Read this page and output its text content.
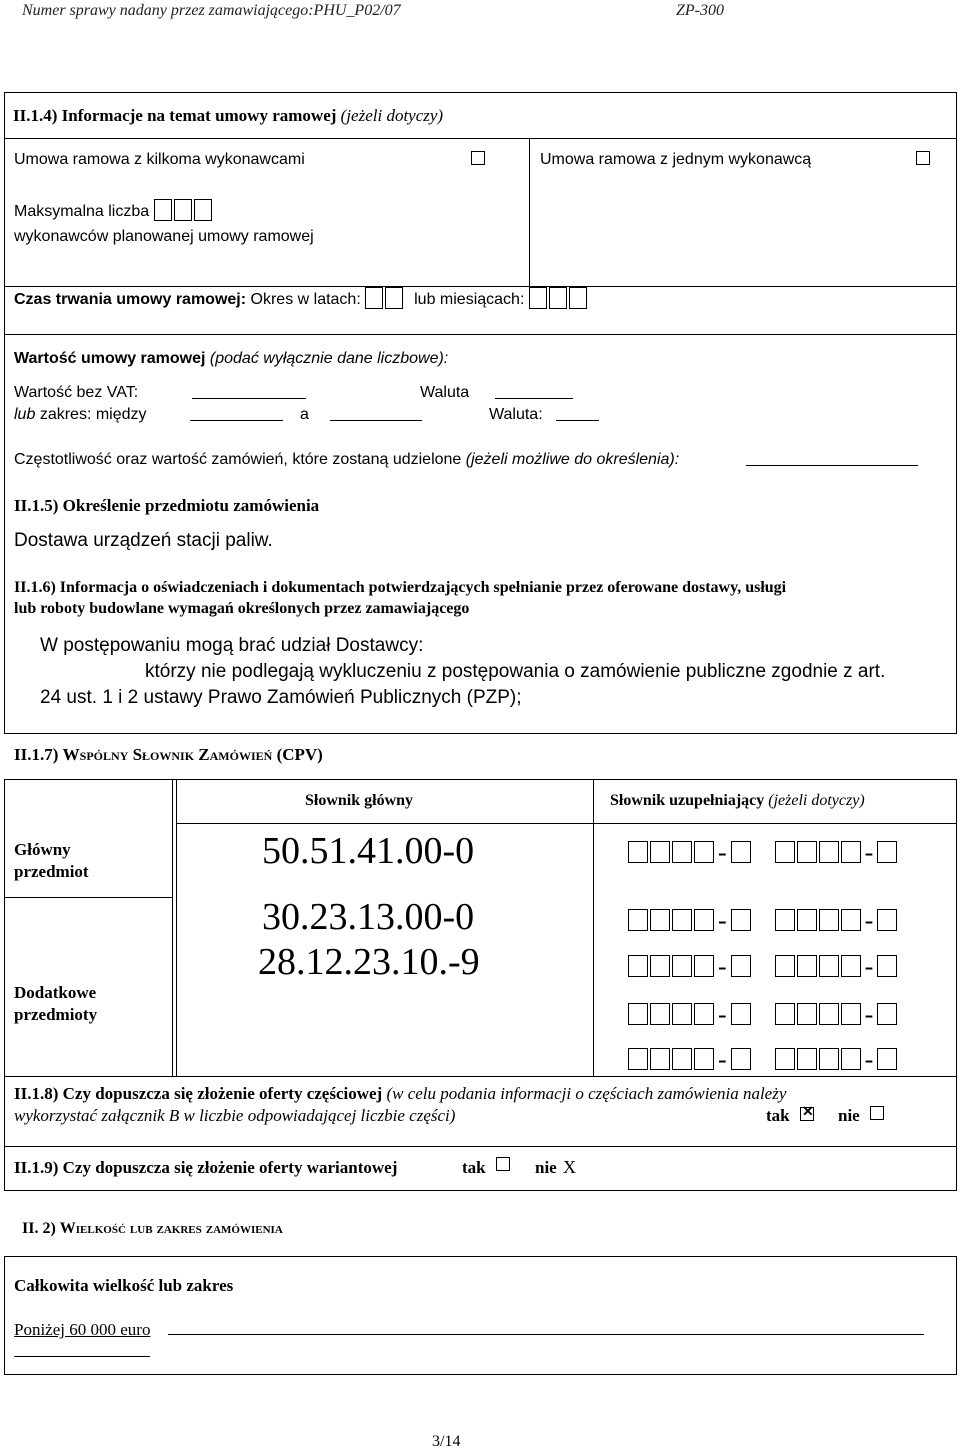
Numer sprawy nadany przez zamawiającego:PHU_P02/07	ZP-300
II.1.4) Informacje na temat umowy ramowej (jeżeli dotyczy)
Umowa ramowa z kilkoma wykonawcami	Umowa ramowa z jednym wykonawcą
Maksymalna liczba
wykonawców planowanej umowy ramowej
Czas trwania umowy ramowej: Okres w latach:	lub miesiącach:
Wartość umowy ramowej (podać wyłącznie dane liczbowe):
Wartość bez VAT:	Waluta
lub zakres: między	a	Waluta:
Częstotliwość oraz wartość zamówień, które zostaną udzielone (jeżeli możliwe do określenia):
II.1.5) Określenie przedmiotu zamówienia
Dostawa urządzeń stacji paliw.
II.1.6) Informacja o oświadczeniach i dokumentach potwierdzających spełnianie przez oferowane dostawy, usługi
lub roboty budowlane wymagań określonych przez zamawiającego
W postępowaniu mogą brać udział Dostawcy:
którzy nie podlegają wykluczeniu z postępowania o zamówienie publiczne zgodnie z art.
24 ust. 1 i 2 ustawy Prawo Zamówień Publicznych (PZP);
II.1.7) Wspólny Słownik Zamówień (CPV)
Słownik główny	Słownik uzupełniający (jeżeli dotyczy)
Główny
przedmiot
Dodatkowe
przedmioty
50.51.41.00-0
30.23.13.00-0
28.12.23.10.-9
-	-
-	-
-	-
-	-
-	-
II.1.8) Czy dopuszcza się złożenie oferty częściowej (w celu podania informacji o częściach zamówienia należy
wykorzystać załącznik B w liczbie odpowiadającej liczbie części)	tak
✕	nie
II.1.9) Czy dopuszcza się złożenie oferty wariantowej	tak	nie X
II. 2) Wielkość lub zakres zamówienia
Całkowita wielkość lub zakres
Poniżej 60 000 euro
3/14
